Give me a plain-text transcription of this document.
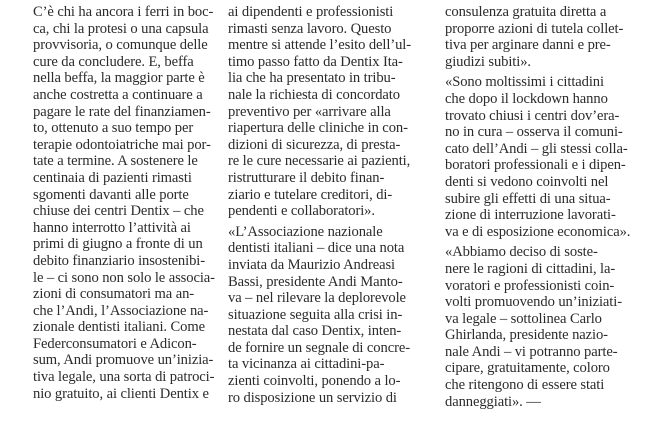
C’è chi ha ancora i ferri in boc-
ca, chi la protesi o una capsula
provvisoria, o comunque delle
cure da concludere. E, beffa
nella beffa, la maggior parte è
anche costretta a continuare a
pagare le rate del finanziamen-
to, ottenuto a suo tempo per
terapie odontoiatriche mai por-
tate a termine. A sostenere le
centinaia di pazienti rimasti
sgomenti davanti alle porte
chiuse dei centri Dentix – che
hanno interrotto l’attività ai
primi di giugno a fronte di un
debito finanziario insostenibi-
le – ci sono non solo le associa-
zioni di consumatori ma an-
che l’Andi, l’Associazione na-
zionale dentisti italiani. Come
Federconsumatori e Adicon-
sum, Andi promuove un’inizia-
tiva legale, una sorta di patroci-
nio gratuito, ai clienti Dentix e
ai dipendenti e professionisti
rimasti senza lavoro. Questo
mentre si attende l’esito dell’ul-
timo passo fatto da Dentix Ita-
lia che ha presentato in tribu-
nale la richiesta di concordato
preventivo per «arrivare alla
riapertura delle cliniche in con-
dizioni di sicurezza, di presta-
re le cure necessarie ai pazienti,
ristrutturare il debito finan-
ziario e tutelare creditori, di-
pendenti e collaboratori».
«L’Associazione nazionale
dentisti italiani – dice una nota
inviata da Maurizio Andreasi
Bassi, presidente Andi Manto-
va – nel rilevare la deplorevole
situazione seguita alla crisi in-
nestata dal caso Dentix, inten-
de fornire un segnale di concre-
ta vicinanza ai cittadini-pa-
zienti coinvolti, ponendo a lo-
ro disposizione un servizio di
consulenza gratuita diretta a
proporre azioni di tutela collet-
tiva per arginare danni e pre-
giudizi subiti».
«Sono moltissimi i cittadini
che dopo il lockdown hanno
trovato chiusi i centri dov’era-
no in cura – osserva il comuni-
cato dell’Andi – gli stessi colla-
boratori professionali e i dipen-
denti si vedono coinvolti nel
subire gli effetti di una situa-
zione di interruzione lavorati-
va e di esposizione economica».
«Abbiamo deciso di soste-
nere le ragioni di cittadini, la-
voratori e professionisti coin-
volti promuovendo un’iniziati-
va legale – sottolinea Carlo
Ghirlanda, presidente nazio-
nale Andi – vi potranno parte-
cipare, gratuitamente, coloro
che ritengono di essere stati
danneggiati». —
